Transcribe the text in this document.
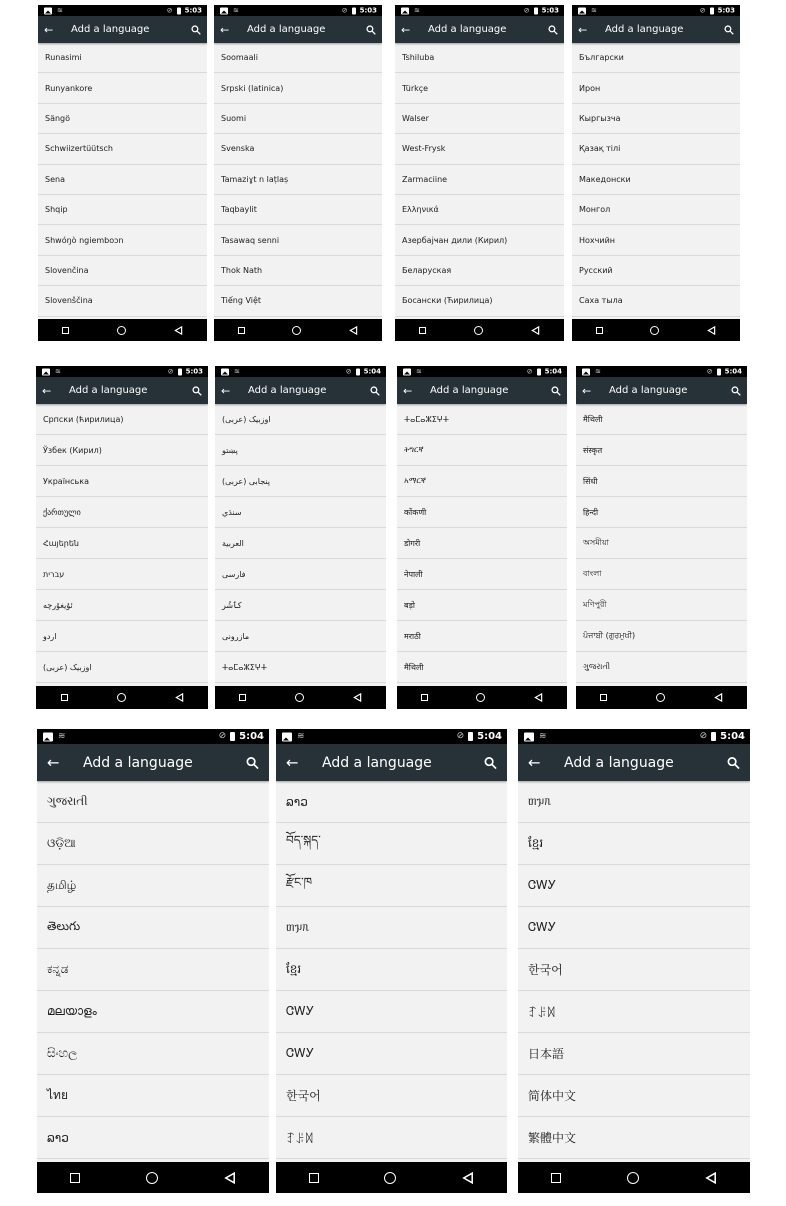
≋	⊘ 5:03
← Add a language
Runasimi
Runyankore
Sängö
Schwiizertüütsch
Sena
Shqip
Shwóŋò ngiemboɔn
Slovenčina
Slovenščina
≋	⊘ 5:03
← Add a language
Soomaali
Srpski (latinica)
Suomi
Svenska
Tamaziɣt n laṭlaṣ
Taqbaylit
Tasawaq senni
Thok Nath
Tiếng Việt
≋	⊘ 5:03
← Add a language
Tshiluba
Türkçe
Walser
West-Frysk
Zarmaciine
Ελληνικά
Азербајҹан дили (Кирил)
Беларуская
Босански (Ћирилица)
≋	⊘ 5:03
← Add a language
Български
Ирон
Кыргызча
Қазақ тілі
Македонски
Монгол
Нохчийн
Русский
Саха тыла
≋	⊘ 5:03
← Add a language
Српски (ћирилица)
Ўзбек (Кирил)
Українська
ქართული
Հայերեն
עברית
ئۇيغۇرچە
اردو
اوزبیک (عربی)
≋	⊘ 5:04
← Add a language
اوزبیک (عربی)
پښتو
پنجابی (عربی)
سنڌي
العربية
فارسی
کٲشُر
مازرونی
ⵜⴰⵎⴰⵣⵉⵖⵜ
≋	⊘ 5:04
← Add a language
ⵜⴰⵎⴰⵣⵉⵖⵜ
ትግርኛ
አማርኛ
कोंकणी
डोगरी
नेपाली
बड़ो
मराठी
मैथिली
≋	⊘ 5:04
← Add a language
मैथिली
संस्कृत
सिंधी
हिन्दी
অসমীয়া
বাংলা
মণিপুরী
ਪੰਜਾਬੀ (ਗੁਰਮੁਖੀ)
ગુજરાતી
≋	⊘ 5:04
← Add a language
ગુજરાતી
ଓଡ଼ିଆ
தமிழ்
తెలుగు
ಕನ್ನಡ
മലയാളം
සිංහල
ไทย
ລາວ
≋	⊘ 5:04
← Add a language
ລາວ
བོད་སྐད་
རྫོང་ཁ
ᥖᥭᥰ
ខ្មែរ
ᏣᎳᎩ
ᏣᎳᎩ
한국어
ꆈꌠꉙ
≋	⊘ 5:04
← Add a language
ᥖᥭᥰ
ខ្មែរ
ᏣᎳᎩ
ᏣᎳᎩ
한국어
ꆈꌠꉙ
日本語
简体中文
繁體中文
